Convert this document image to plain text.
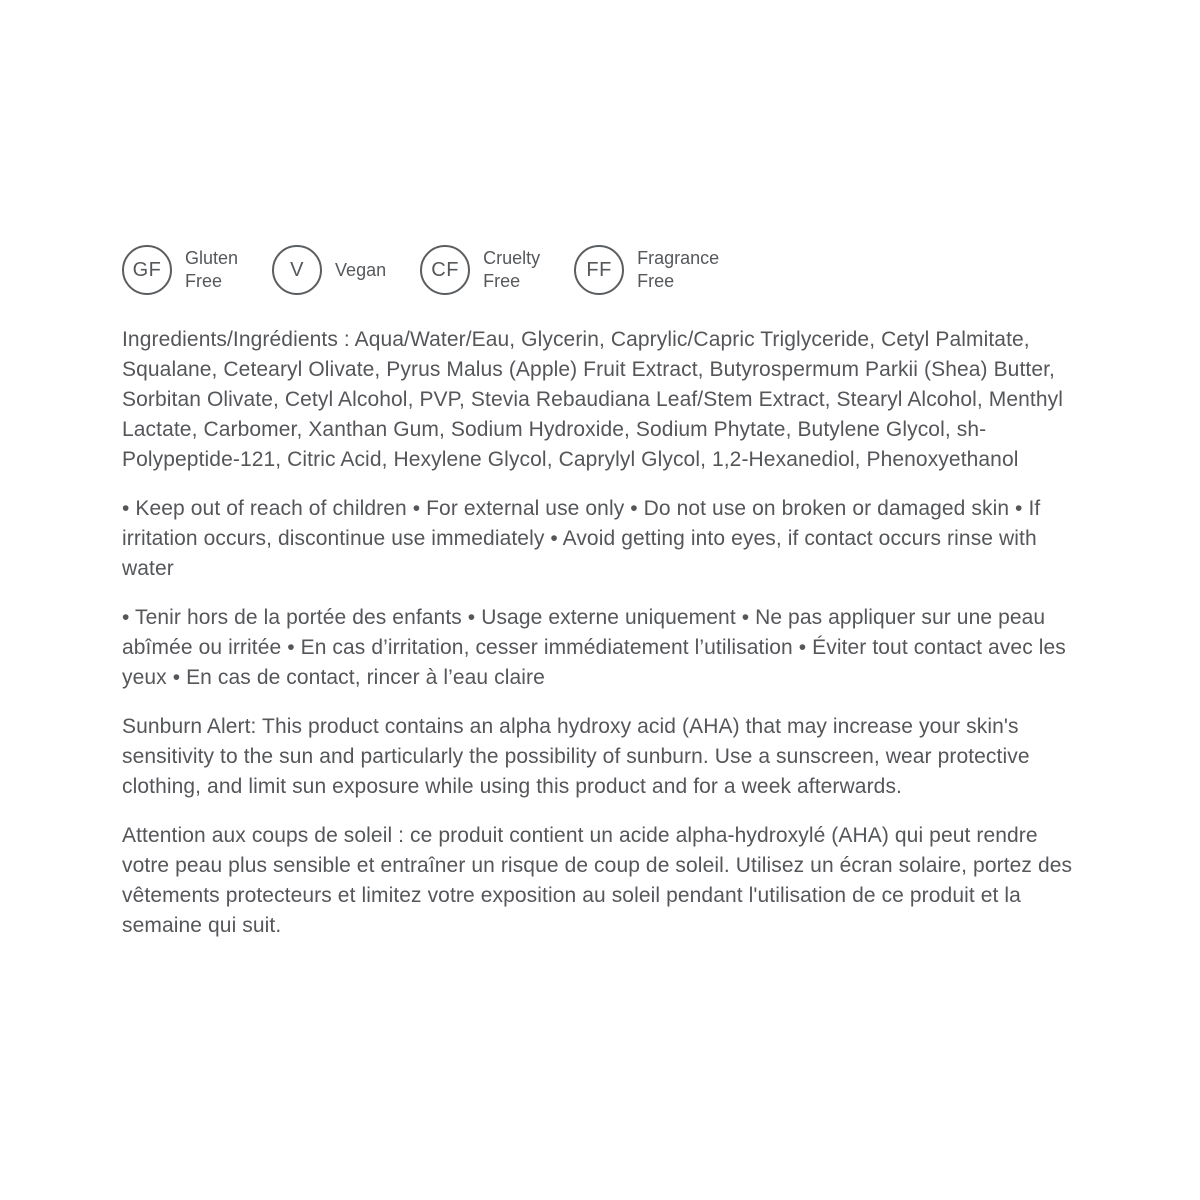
GF
Gluten
Free
V	Vegan	CF
Cruelty
Free
FF
Fragrance
Free

Ingredients/Ingrédients : Aqua/Water/Eau, Glycerin, Caprylic/Capric Triglyceride, Cetyl Palmitate, Squalane, Cetearyl Olivate, Pyrus Malus (Apple) Fruit Extract, Butyrospermum Parkii (Shea) Butter, Sorbitan Olivate, Cetyl Alcohol, PVP, Stevia Rebaudiana Leaf/Stem Extract, Stearyl Alcohol, Menthyl Lactate, Carbomer, Xanthan Gum, Sodium Hydroxide, Sodium Phytate, Butylene Glycol, sh-Polypeptide-121, Citric Acid, Hexylene Glycol, Caprylyl Glycol, 1,2-Hexanediol, Phenoxyethanol

• Keep out of reach of children • For external use only • Do not use on broken or damaged skin • If irritation occurs, discontinue use immediately • Avoid getting into eyes, if contact occurs rinse with water

• Tenir hors de la portée des enfants • Usage externe uniquement • Ne pas appliquer sur une peau abîmée ou irritée • En cas d’irritation, cesser immédiatement l’utilisation • Éviter tout contact avec les yeux • En cas de contact, rincer à l’eau claire

Sunburn Alert: This product contains an alpha hydroxy acid (AHA) that may increase your skin's sensitivity to the sun and particularly the possibility of sunburn. Use a sunscreen, wear protective clothing, and limit sun exposure while using this product and for a week afterwards.

Attention aux coups de soleil : ce produit contient un acide alpha-hydroxylé (AHA) qui peut rendre votre peau plus sensible et entraîner un risque de coup de soleil. Utilisez un écran solaire, portez des vêtements protecteurs et limitez votre exposition au soleil pendant l'utilisation de ce produit et la semaine qui suit.
